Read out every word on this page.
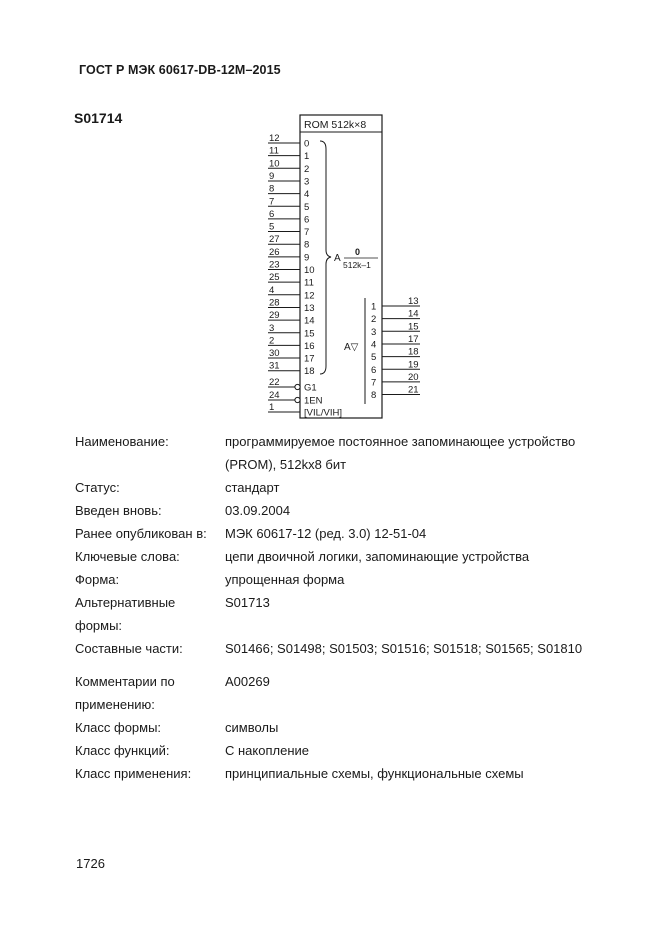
ГОСТ Р МЭК 60617-DB-12M–2015
S01714	ROM 512k×8
A
0
512k–1
A▽
12	0
11	1
10	2
9	3
8	4
7	5
6	6
5	7
27	8
26	9
23	10
25	11
4	12
28	13
29	14
3	15
2	16
30	17
31	18
22	G1
24	1EN
1	[VIL/VIH]
1	13
2	14
3	15
4	17
5	18
6	19
7	20
8	21
Наименование:	программируемое постоянное запоминающее устройство
(PROM), 512kx8 бит
Статус:	стандарт
Введен вновь:	03.09.2004
Ранее опубликован в:	МЭК 60617-12 (ред. 3.0) 12-51-04
Ключевые слова:	цепи двоичной логики, запоминающие устройства
Форма:	упрощенная форма
Альтернативные
формы:
S01713
Составные части:	S01466; S01498; S01503; S01516; S01518; S01565; S01810
Комментарии по
применению:
A00269
Класс формы:	символы
Класс функций:	С накопление
Класс применения:	принципиальные схемы, функциональные схемы
1726
